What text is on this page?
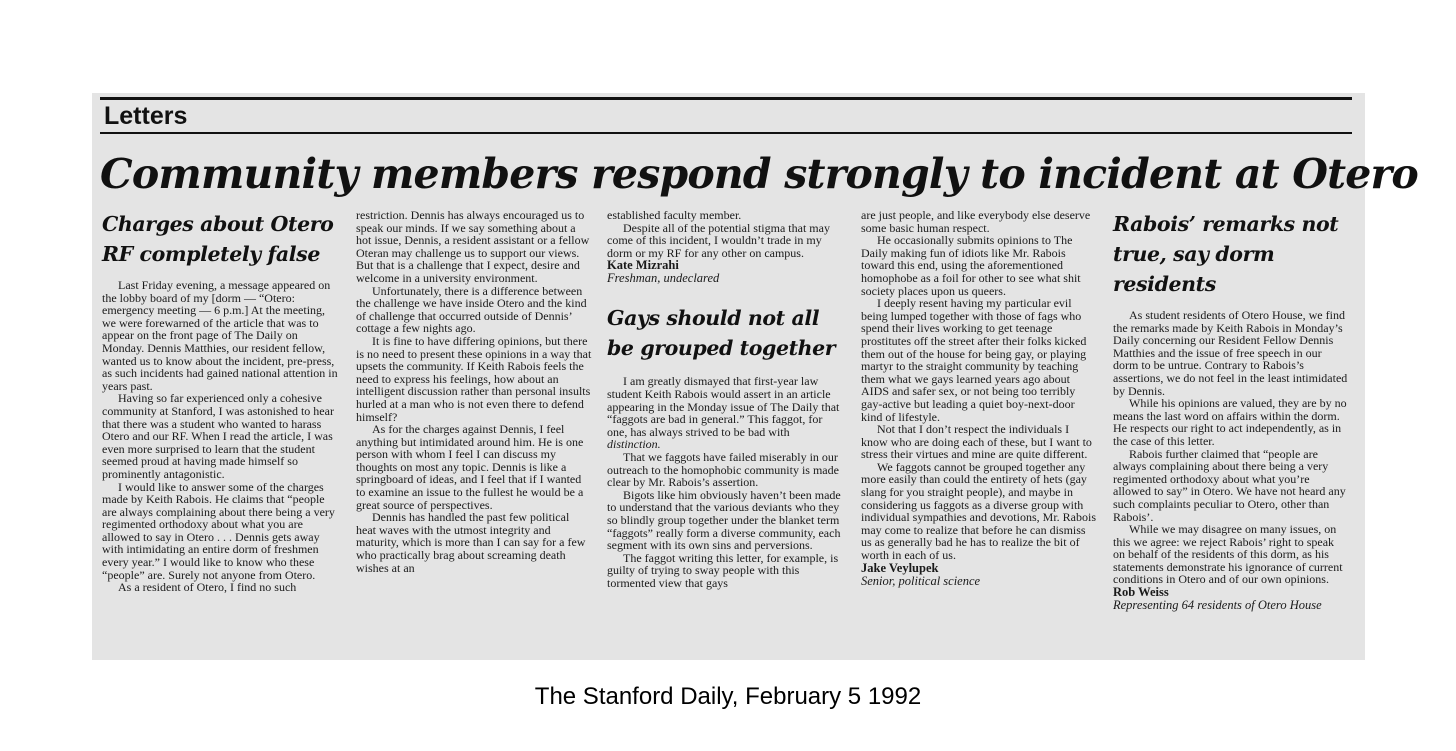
Letters
Community members respond strongly to incident at Otero
Charges about Otero RF completely false

Last Friday evening, a message appeared on the lobby board of my [dorm — “Otero: emergency meeting — 6 p.m.] At the meeting, we were forewarned of the article that was to appear on the front page of The Daily on Monday. Dennis Matthies, our resident fellow, wanted us to know about the incident, pre-press, as such incidents had gained national attention in years past.

Having so far experienced only a cohesive community at Stanford, I was astonished to hear that there was a student who wanted to harass Otero and our RF. When I read the article, I was even more surprised to learn that the student seemed proud at having made himself so prominently antagonistic.

I would like to answer some of the charges made by Keith Rabois. He claims that “people are always complaining about there being a very regimented orthodoxy about what you are allowed to say in Otero . . . Dennis gets away with intimidating an entire dorm of freshmen every year.” I would like to know who these “people” are. Surely not anyone from Otero.

As a resident of Otero, I find no such

restriction. Dennis has always encouraged us to speak our minds. If we say something about a hot issue, Dennis, a resident assistant or a fellow Oteran may challenge us to support our views. But that is a challenge that I expect, desire and welcome in a university environment.

Unfortunately, there is a difference between the challenge we have inside Otero and the kind of challenge that occurred outside of Dennis’ cottage a few nights ago.

It is fine to have differing opinions, but there is no need to present these opinions in a way that upsets the community. If Keith Rabois feels the need to express his feelings, how about an intelligent discussion rather than personal insults hurled at a man who is not even there to defend himself?

As for the charges against Dennis, I feel anything but intimidated around him. He is one person with whom I feel I can discuss my thoughts on most any topic. Dennis is like a springboard of ideas, and I feel that if I wanted to examine an issue to the fullest he would be a great source of perspectives.

Dennis has handled the past few political heat waves with the utmost integrity and maturity, which is more than I can say for a few who practically brag about screaming death wishes at an

established faculty member.

Despite all of the potential stigma that may come of this incident, I wouldn’t trade in my dorm or my RF for any other on campus.

Kate Mizrahi
Freshman, undeclared
Gays should not all be grouped together

I am greatly dismayed that first-year law student Keith Rabois would assert in an article appearing in the Monday issue of The Daily that “faggots are bad in general.” This faggot, for one, has always strived to be bad with distinction.

That we faggots have failed miserably in our outreach to the homophobic community is made clear by Mr. Rabois’s assertion.

Bigots like him obviously haven’t been made to understand that the various deviants who they so blindly group together under the blanket term “faggots” really form a diverse community, each segment with its own sins and perversions.

The faggot writing this letter, for example, is guilty of trying to sway people with this tormented view that gays

are just people, and like everybody else deserve some basic human respect.

He occasionally submits opinions to The Daily making fun of idiots like Mr. Rabois toward this end, using the aforementioned homophobe as a foil for other to see what shit society places upon us queers.

I deeply resent having my particular evil being lumped together with those of fags who spend their lives working to get teenage prostitutes off the street after their folks kicked them out of the house for being gay, or playing martyr to the straight community by teaching them what we gays learned years ago about AIDS and safer sex, or not being too terribly gay-active but leading a quiet boy-next-door kind of lifestyle.

Not that I don’t respect the individuals I know who are doing each of these, but I want to stress their virtues and mine are quite different.

We faggots cannot be grouped together any more easily than could the entirety of hets (gay slang for you straight people), and maybe in considering us faggots as a diverse group with individual sympathies and devotions, Mr. Rabois may come to realize that before he can dismiss us as generally bad he has to realize the bit of worth in each of us.

Jake Veylupek
Senior, political science
Rabois’ remarks not true, say dorm residents

As student residents of Otero House, we find the remarks made by Keith Rabois in Monday’s Daily concerning our Resident Fellow Dennis Matthies and the issue of free speech in our dorm to be untrue. Contrary to Rabois’s assertions, we do not feel in the least intimidated by Dennis.

While his opinions are valued, they are by no means the last word on affairs within the dorm. He respects our right to act independently, as in the case of this letter.

Rabois further claimed that “people are always complaining about there being a very regimented orthodoxy about what you’re allowed to say” in Otero. We have not heard any such complaints peculiar to Otero, other than Rabois’.

While we may disagree on many issues, on this we agree: we reject Rabois’ right to speak on behalf of the residents of this dorm, as his statements demonstrate his ignorance of current conditions in Otero and of our own opinions.

Rob Weiss
Representing 64 residents of Otero House
The Stanford Daily, February 5 1992
